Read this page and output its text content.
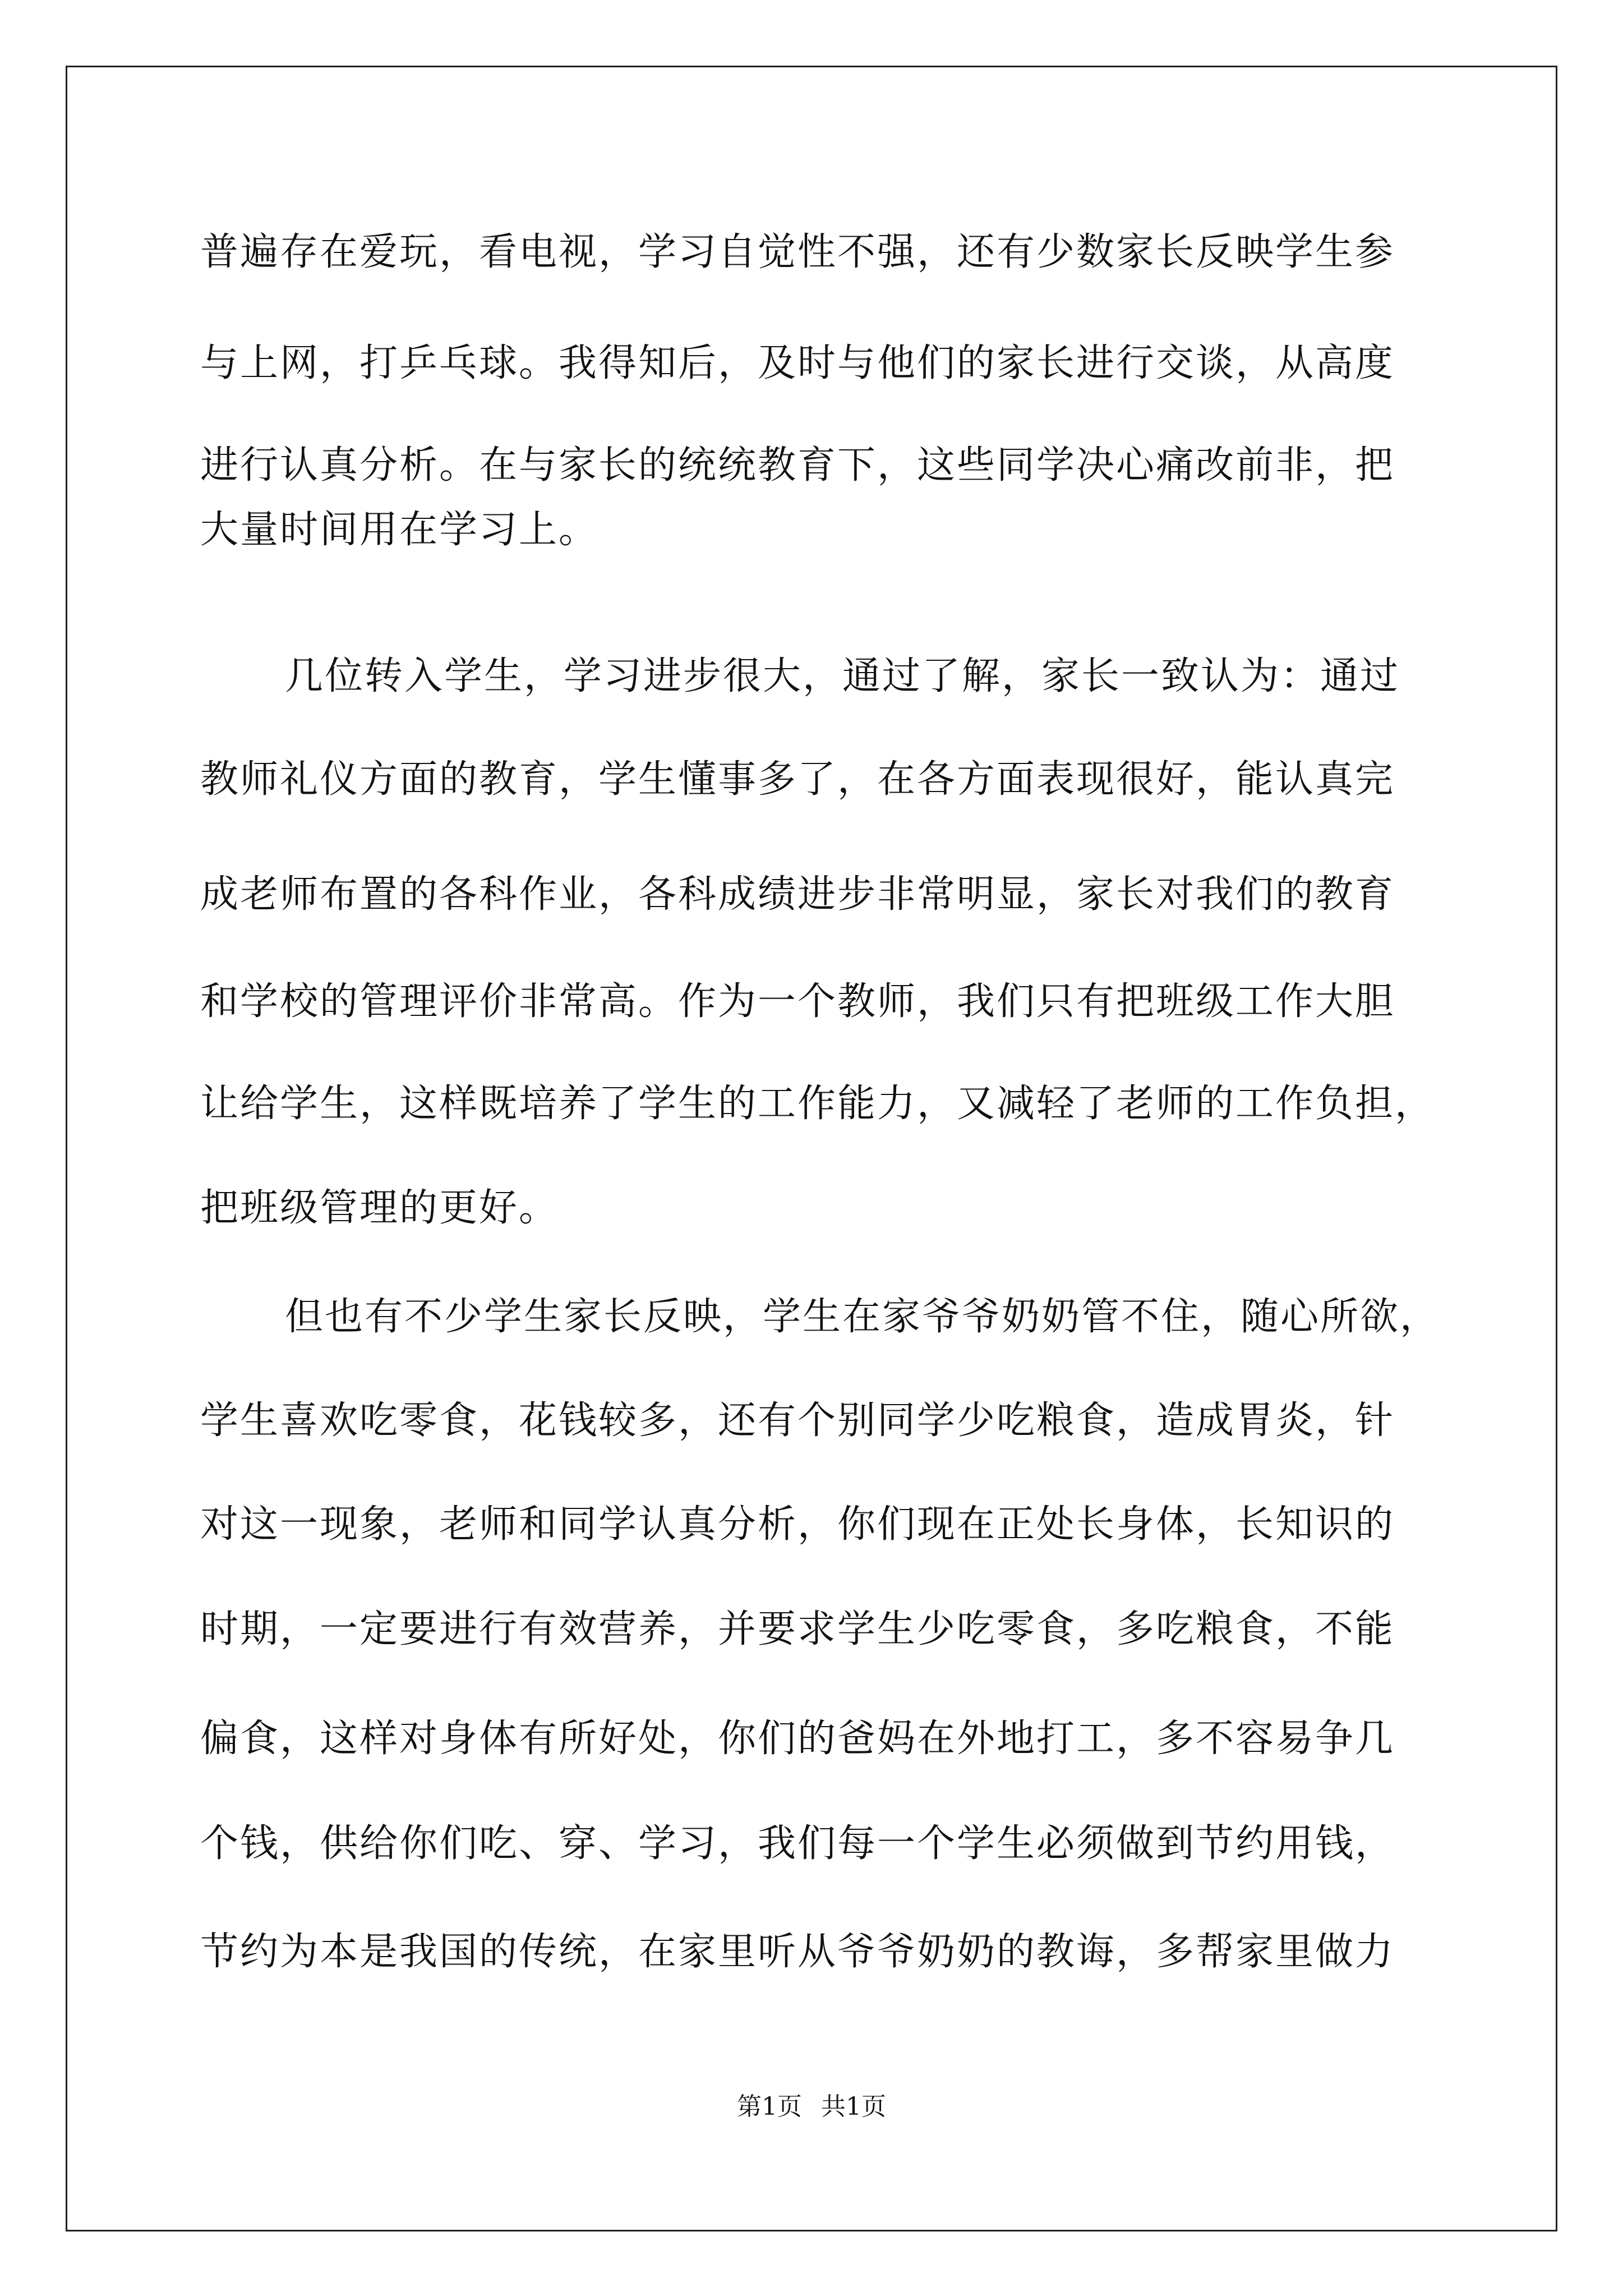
普遍存在爱玩，看电视，学习自觉性不强，还有少数家长反映学生参
与上网，打乒乓球。我得知后，及时与他们的家长进行交谈，从高度
进行认真分析。在与家长的统统教育下，这些同学决心痛改前非，把
大量时间用在学习上。
几位转入学生，学习进步很大，通过了解，家长一致认为：通过
教师礼仪方面的教育，学生懂事多了，在各方面表现很好，能认真完
成老师布置的各科作业，各科成绩进步非常明显，家长对我们的教育
和学校的管理评价非常高。作为一个教师，我们只有把班级工作大胆
让给学生，这样既培养了学生的工作能力，又减轻了老师的工作负担，
把班级管理的更好。
但也有不少学生家长反映，学生在家爷爷奶奶管不住，随心所欲，
学生喜欢吃零食，花钱较多，还有个别同学少吃粮食，造成胃炎，针
对这一现象，老师和同学认真分析，你们现在正处长身体，长知识的
时期，一定要进行有效营养，并要求学生少吃零食，多吃粮食，不能
偏食，这样对身体有所好处，你们的爸妈在外地打工，多不容易争几
个钱，供给你们吃、穿、学习，我们每一个学生必须做到节约用钱，
节约为本是我国的传统，在家里听从爷爷奶奶的教诲，多帮家里做力
第1页 共1页
